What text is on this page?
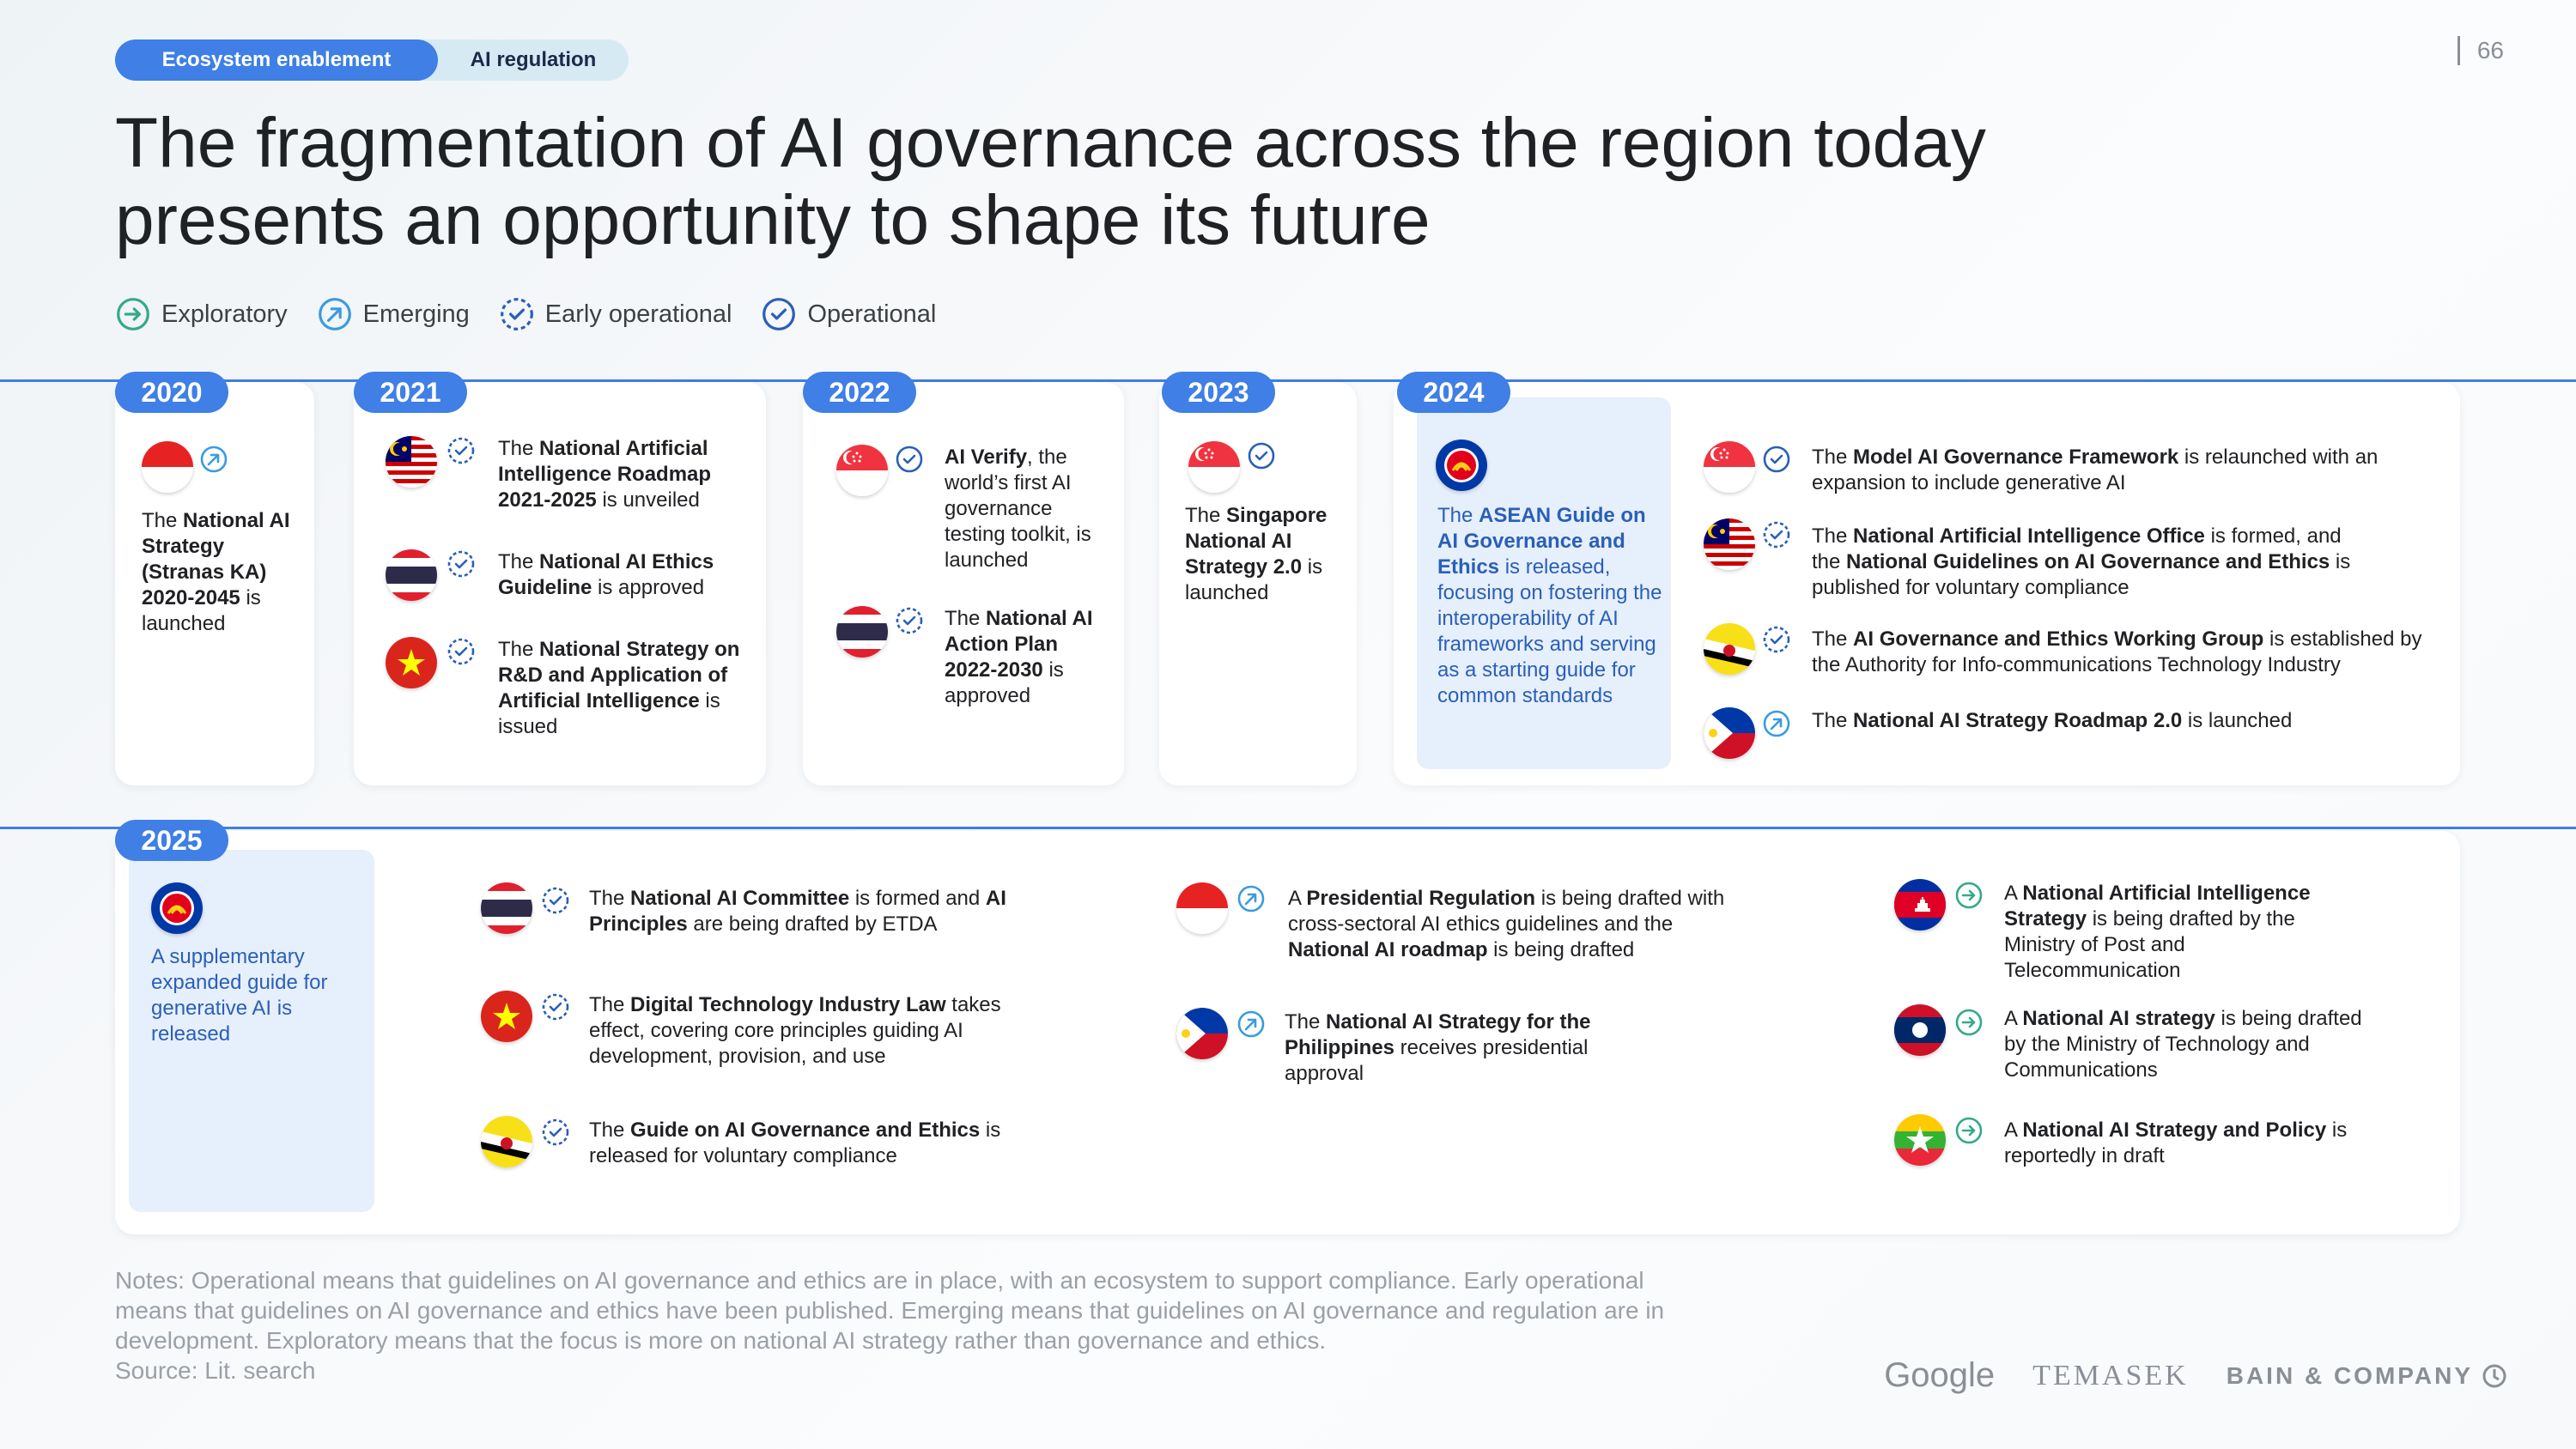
Ecosystem enablement	AI regulation	66
The fragmentation of AI governance across the region today
presents an opportunity to shape its future
Exploratory	Emerging	Early operational	Operational
2020	2021	2022	2023	2024
2025
The National AI Strategy (Stranas KA) 2020-2045 is launched
The National Artificial Intelligence Roadmap 2021-2025 is unveiled
The National AI Ethics Guideline is approved
The National Strategy on R&D and Application of Artificial Intelligence is issued
AI Verify, the world’s first AI governance testing toolkit, is launched
The National AI Action Plan 2022-2030 is approved
The Singapore National AI Strategy 2.0 is launched
The ASEAN Guide on AI Governance and Ethics is released, focusing on fostering the interoperability of AI frameworks and serving as a starting guide for common standards
The Model AI Governance Framework is relaunched with an expansion to include generative AI
The National Artificial Intelligence Office is formed, and the National Guidelines on AI Governance and Ethics is published for voluntary compliance
The AI Governance and Ethics Working Group is established by the Authority for Info-communications Technology Industry
The National AI Strategy Roadmap 2.0 is launched
A supplementary expanded guide for generative AI is released
The National AI Committee is formed and AI Principles are being drafted by ETDA
The Digital Technology Industry Law takes effect, covering core principles guiding AI development, provision, and use
The Guide on AI Governance and Ethics is released for voluntary compliance
A Presidential Regulation is being drafted with cross-sectoral AI ethics guidelines and the National AI roadmap is being drafted
The National AI Strategy for the Philippines receives presidential approval
A National Artificial Intelligence Strategy is being drafted by the Ministry of Post and Telecommunication
A National AI strategy is being drafted by the Ministry of Technology and Communications
A National AI Strategy and Policy is reportedly in draft
Notes: Operational means that guidelines on AI governance and ethics are in place, with an ecosystem to support compliance. Early operational means that guidelines on AI governance and ethics have been published. Emerging means that guidelines on AI governance and regulation are in development. Exploratory means that the focus is more on national AI strategy rather than governance and ethics.
Source: Lit. search	Google TEMASEK BAIN & COMPANY
